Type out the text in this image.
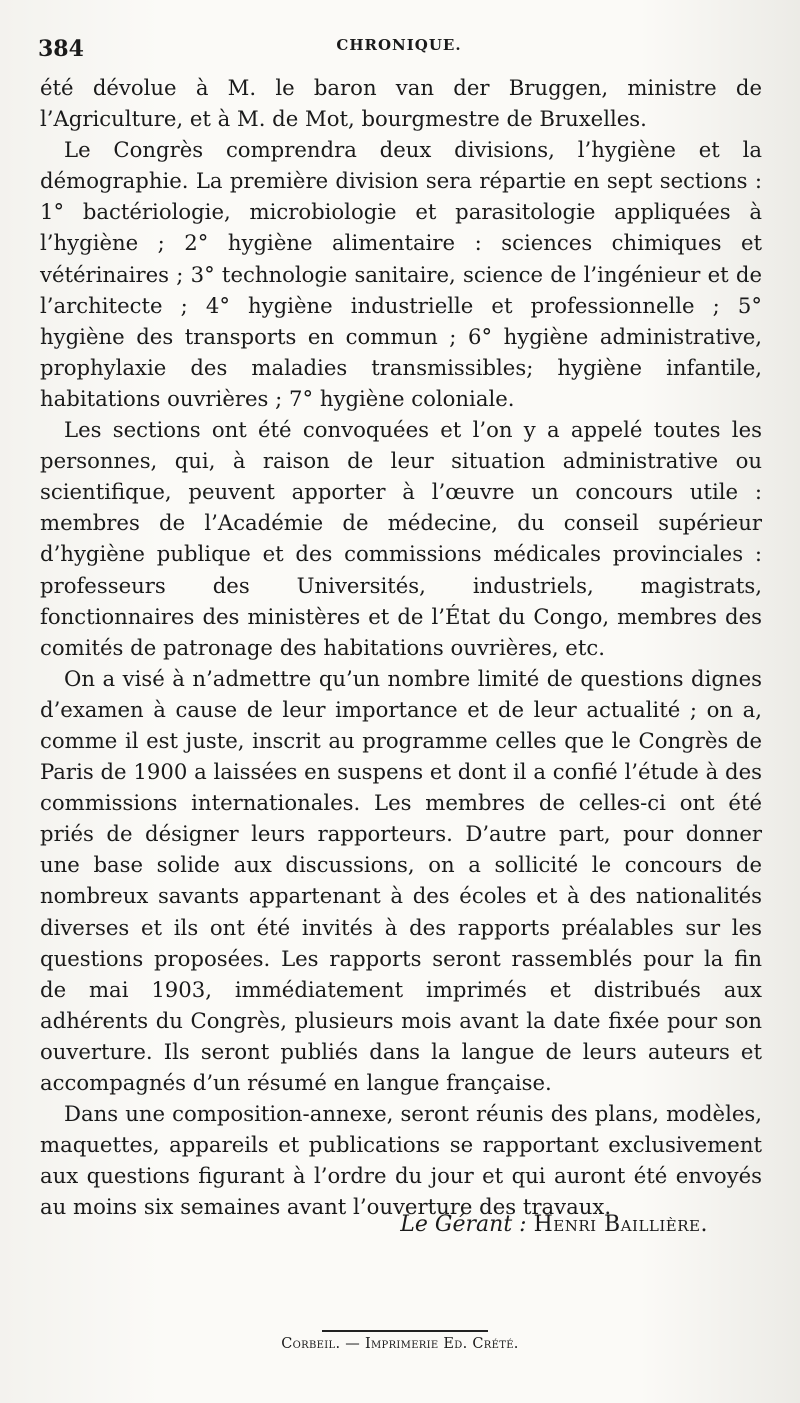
384	CHRONIQUE.

été dévolue à M. le baron van der Bruggen, ministre de l’Agriculture, et à M. de Mot, bourgmestre de Bruxelles.

Le Congrès comprendra deux divisions, l’hygiène et la démographie. La première division sera répartie en sept sections : 1° bactériologie, microbiologie et parasitologie appliquées à l’hygiène ; 2° hygiène alimentaire : sciences chimiques et vétérinaires ; 3° technologie sanitaire, science de l’ingénieur et de l’architecte ; 4° hygiène industrielle et professionnelle ; 5° hygiène des transports en commun ; 6° hygiène administrative, prophylaxie des maladies transmissibles; hygiène infantile, habitations ouvrières ; 7° hygiène coloniale.

Les sections ont été convoquées et l’on y a appelé toutes les personnes, qui, à raison de leur situation administrative ou scientifique, peuvent apporter à l’œuvre un concours utile : membres de l’Académie de médecine, du conseil supérieur d’hygiène publique et des commissions médicales provinciales : professeurs des Universités, industriels, magistrats, fonctionnaires des ministères et de l’État du Congo, membres des comités de patronage des habitations ouvrières, etc.

On a visé à n’admettre qu’un nombre limité de questions dignes d’examen à cause de leur importance et de leur actualité ; on a, comme il est juste, inscrit au programme celles que le Congrès de Paris de 1900 a laissées en suspens et dont il a confié l’étude à des commissions internationales. Les membres de celles-ci ont été priés de désigner leurs rapporteurs. D’autre part, pour donner une base solide aux discussions, on a sollicité le concours de nombreux savants appartenant à des écoles et à des nationalités diverses et ils ont été invités à des rapports préalables sur les questions proposées. Les rapports seront rassemblés pour la fin de mai 1903, immédiatement imprimés et distribués aux adhérents du Congrès, plusieurs mois avant la date fixée pour son ouverture. Ils seront publiés dans la langue de leurs auteurs et accompagnés d’un résumé en langue française.

Dans une composition-annexe, seront réunis des plans, modèles, maquettes, appareils et publications se rapportant exclusivement aux questions figurant à l’ordre du jour et qui auront été envoyés au moins six semaines avant l’ouverture des travaux.

Le Gérant : Henri Baillière.
Corbeil. — Imprimerie Ed. Crété.
